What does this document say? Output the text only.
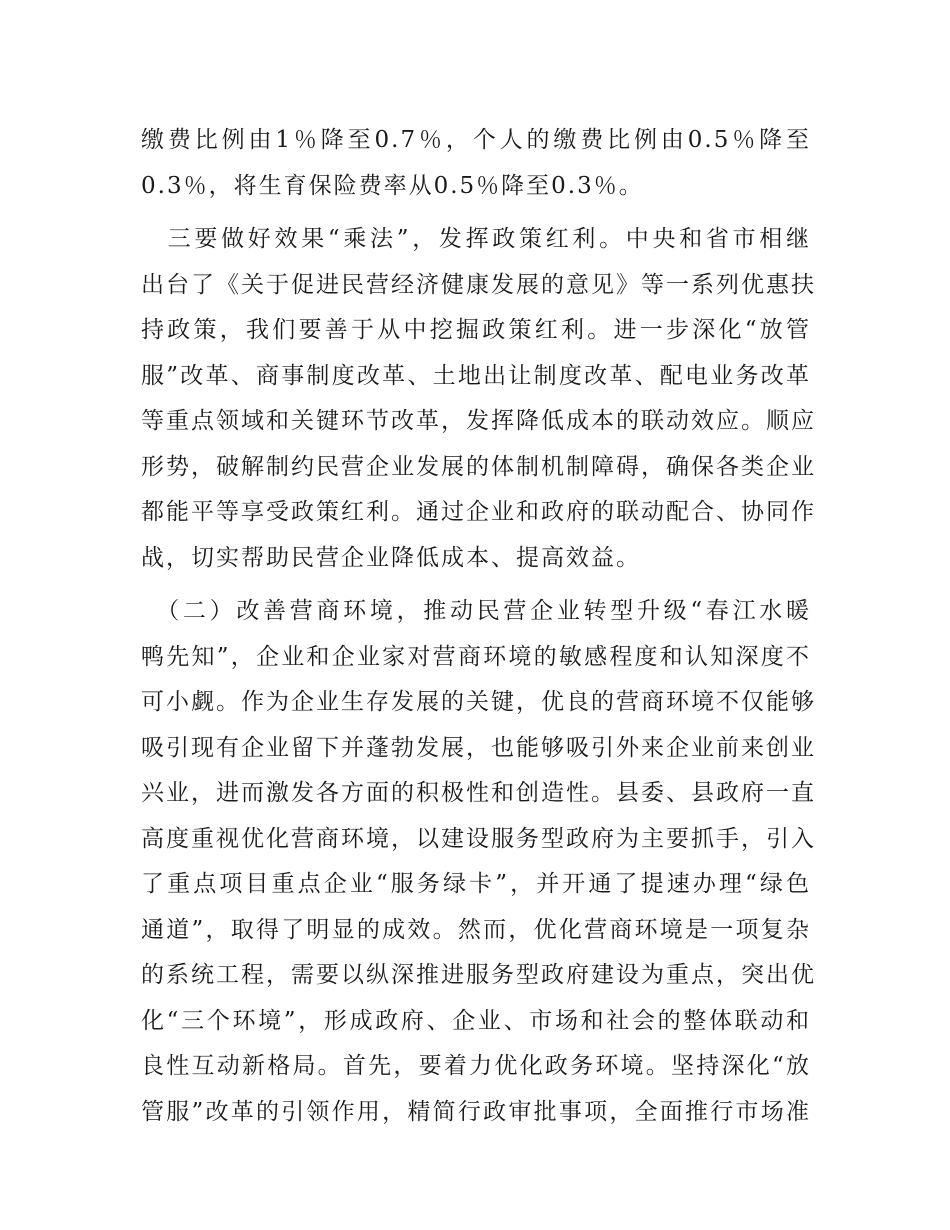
缴费比例由1％降至0.7％，个人的缴费比例由0.5％降至
0.3％，将生育保险费率从0.5％降至0.3％。
　三要做好效果“乘法”，发挥政策红利。中央和省市相继
出台了《关于促进民营经济健康发展的意见》等一系列优惠扶
持政策，我们要善于从中挖掘政策红利。进一步深化“放管
服”改革、商事制度改革、土地出让制度改革、配电业务改革
等重点领域和关键环节改革，发挥降低成本的联动效应。顺应
形势，破解制约民营企业发展的体制机制障碍，确保各类企业
都能平等享受政策红利。通过企业和政府的联动配合、协同作
战，切实帮助民营企业降低成本、提高效益。
　（二）改善营商环境，推动民营企业转型升级“春江水暖
鸭先知”，企业和企业家对营商环境的敏感程度和认知深度不
可小觑。作为企业生存发展的关键，优良的营商环境不仅能够
吸引现有企业留下并蓬勃发展，也能够吸引外来企业前来创业
兴业，进而激发各方面的积极性和创造性。县委、县政府一直
高度重视优化营商环境，以建设服务型政府为主要抓手，引入
了重点项目重点企业“服务绿卡”，并开通了提速办理“绿色
通道”，取得了明显的成效。然而，优化营商环境是一项复杂
的系统工程，需要以纵深推进服务型政府建设为重点，突出优
化“三个环境”，形成政府、企业、市场和社会的整体联动和
良性互动新格局。首先，要着力优化政务环境。坚持深化“放
管服”改革的引领作用，精简行政审批事项，全面推行市场准
